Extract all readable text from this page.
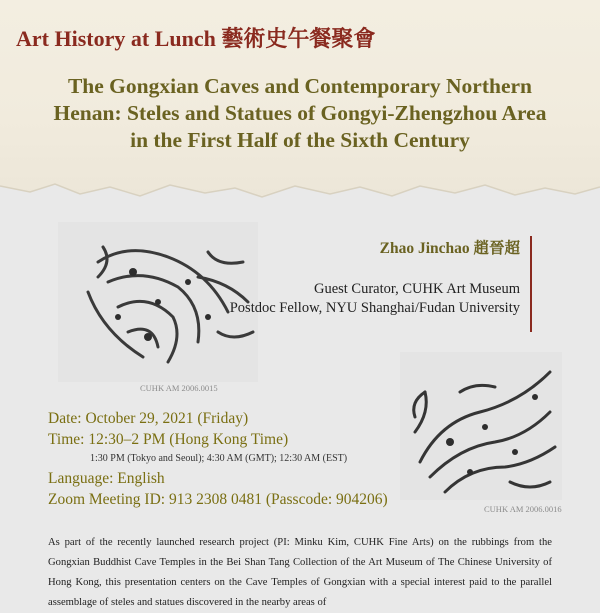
Art History at Lunch 藝術史午餐聚會
The Gongxian Caves and Contemporary Northern
Henan: Steles and Statues of Gongyi-Zhengzhou Area
in the First Half of the Sixth Century

CUHK AM 2006.0015

Zhao Jinchao 趙晉超

Guest Curator, CUHK Art Museum

Postdoc Fellow, NYU Shanghai/Fudan University

CUHK AM 2006.0016

Date: October 29, 2021 (Friday)

Time: 12:30–2 PM (Hong Kong Time)

1:30 PM (Tokyo and Seoul); 4:30 AM (GMT); 12:30 AM (EST)

Language: English

Zoom Meeting ID: 913 2308 0481 (Passcode: 904206)

As part of the recently launched research project (PI: Minku Kim, CUHK Fine Arts) on the rubbings from the Gongxian Buddhist Cave Temples in the Bei Shan Tang Collection of the Art Museum of The Chinese University of Hong Kong, this presentation centers on the Cave Temples of Gongxian with a special interest paid to the parallel assemblage of steles and statues discovered in the nearby areas of
